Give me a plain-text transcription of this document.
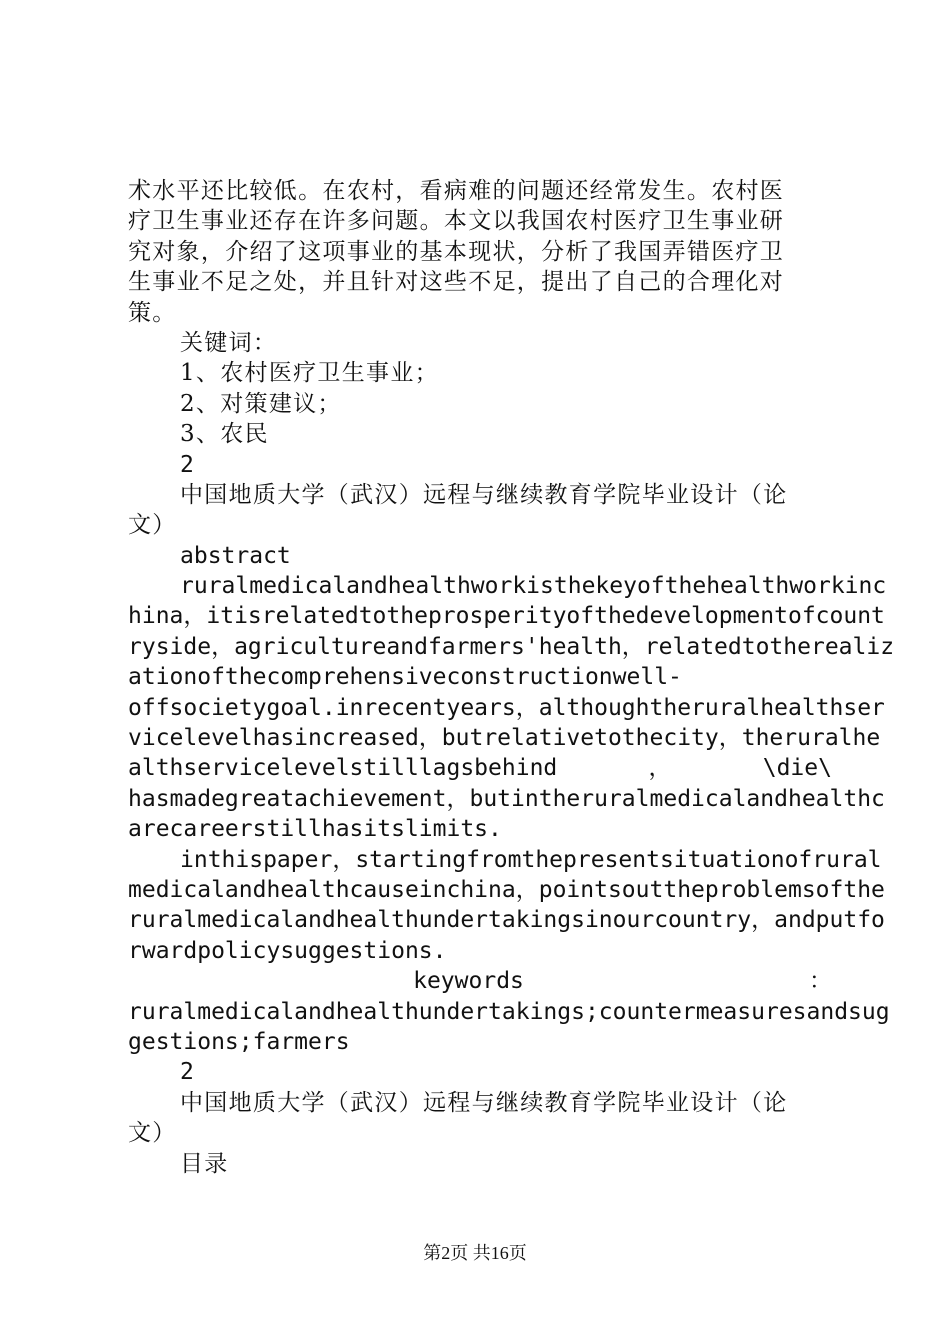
术水平还比较低。在农村，看病难的问题还经常发生。农村医
疗卫生事业还存在许多问题。本文以我国农村医疗卫生事业研
究对象，介绍了这项事业的基本现状，分析了我国弄错医疗卫
生事业不足之处，并且针对这些不足，提出了自己的合理化对
策。
关键词：
1、农村医疗卫生事业；
2、对策建议；
3、农民
2
中国地质大学（武汉）远程与继续教育学院毕业设计（论
文）
abstract
ruralmedicalandhealthworkisthekeyofthehealthworkinc
hina，itisrelatedtotheprosperityofthedevelopmentofcount
ryside，agricultureandfarmers'health，relatedtotherealiz
ationofthecomprehensiveconstructionwell-
offsocietygoal.inrecentyears，althoughtheruralhealthser
vicelevelhasincreased，butrelativetothecity，theruralhe
althservicelevelstilllagsbehind	，	\die\
hasmadegreatachievement，butintheruralmedicalandhealthc
arecareerstillhasitslimits.
inthispaper，startingfromthepresentsituationofrural
medicalandhealthcauseinchina，pointsouttheproblemsofthe
ruralmedicalandhealthundertakingsinourcountry，andputfo
rwardpolicysuggestions.
keywords	：
ruralmedicalandhealthundertakings;countermeasuresandsug
gestions;farmers
2
中国地质大学（武汉）远程与继续教育学院毕业设计（论
文）
目录
第2页 共16页
